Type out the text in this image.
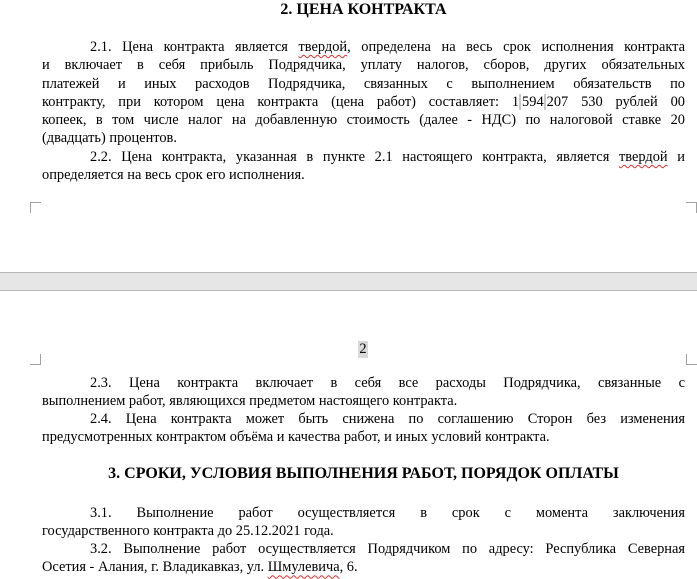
2. ЦЕНА КОНТРАКТА
2.1. Цена контракта является твердой, определена на весь срок исполнения контракта
и включает в себя прибыль Подрядчика, уплату налогов, сборов, других обязательных
платежей и иных расходов Подрядчика, связанных с выполнением обязательств по
контракту, при котором цена контракта (цена работ) составляет: 1 594 207 530 рублей 00
копеек, в том числе налог на добавленную стоимость (далее - НДС) по налоговой ставке 20
(двадцать) процентов.
2.2. Цена контракта, указанная в пункте 2.1 настоящего контракта, является твердой и
определяется на весь срок его исполнения.
2
2.3. Цена контракта включает в себя все расходы Подрядчика, связанные с
выполнением работ, являющихся предметом настоящего контракта.
2.4. Цена контракта может быть снижена по соглашению Сторон без изменения
предусмотренных контрактом объёма и качества работ, и иных условий контракта.
3. СРОКИ, УСЛОВИЯ ВЫПОЛНЕНИЯ РАБОТ, ПОРЯДОК ОПЛАТЫ
3.1. Выполнение работ осуществляется в срок с момента заключения
государственного контракта до 25.12.2021 года.
3.2. Выполнение работ осуществляется Подрядчиком по адресу: Республика Северная
Осетия - Алания, г. Владикавказ, ул. Шмулевича, 6.
